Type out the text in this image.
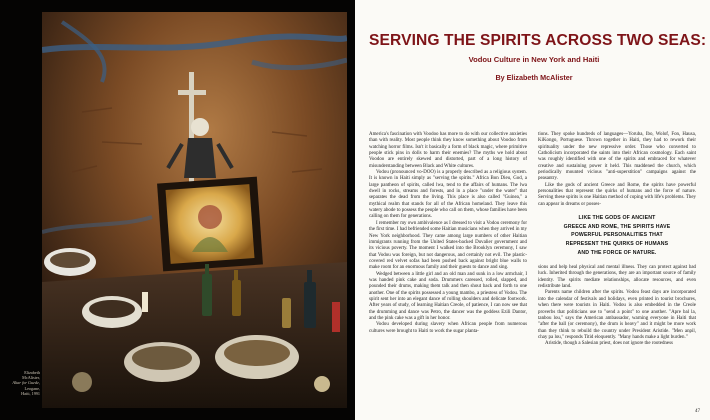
Elizabeth
McAlister,
Altar for Guede,
Leogane,
Haiti, 1991
SERVING THE SPIRITS ACROSS TWO SEAS:
Vodou Culture in New York and Haiti
By Elizabeth McAlister

America's fascination with Voodoo has more to do with our collective anxieties than with reality. Most people think they know something about Voodoo from watching horror films. Isn't it basically a form of black magic, where primitive people stick pins in dolls to harm their enemies? The myths we hold about Voodoo are entirely skewed and distorted, part of a long history of misunderstanding between Black and White cultures.

Vodou (pronounced vo-DOO) is a properly described as a religious system. It is known in Haiti simply as "serving the spirits." Africa Bon Dieu, God, a large pantheon of spirits, called lwa, tend to the affairs of humans. The lwa dwell in rocks, streams and forests, and in a place "under the water" that separates the dead from the living. This place is also called "Guinea," a mythical realm that stands for all of the African homeland. They leave this watery abode to possess the people who call on them, whose families have been calling on them for generations.

I remember my own ambivalence as I dressed to visit a Vodou ceremony for the first time. I had befriended some Haitian musicians when they arrived in my New York neighborhood. They came among large numbers of other Haitian immigrants running from the United States-backed Duvalier government and its vicious poverty. The moment I walked into the Brooklyn ceremony, I saw that Vodou was foreign, but not dangerous, and certainly not evil. The plastic-covered red velvet sofas had been pushed back against bright blue walls to make room for an enormous family and their guests to dance and sing.

Wedged between a little girl and an old man and sunk in a low armchair, I was handed pink cake and soda. Drummers caressed, rolled, slapped, and pounded their drums, making them talk and then shout back and forth to one another. One of the spirits possessed a young mambo, a priestess of Vodou. The spirit sent her into an elegant dance of rolling shoulders and delicate footwork. After years of study, of learning Haitian Creole, of patience, I can now see that the drumming and dance was Petro, the dancer was the goddess Ezili Dantor, and the pink cake was a gift in her honor.

Vodou developed during slavery when African people from numerous cultures were brought to Haiti to work the sugar planta-

tions. They spoke hundreds of languages—Yoruba, Ibo, Wolof, Fon, Hausa, KiKongo, Portuguese. Thrown together in Haiti, they had to rework their spirituality under the new repressive order. Those who converted to Catholicism incorporated the saints into their African cosmology. Each saint was roughly identified with one of the spirits and embraced for whatever creative and sustaining power it held. This maddened the church, which periodically mounted vicious "anti-superstition" campaigns against the peasantry.

Like the gods of ancient Greece and Rome, the spirits have powerful personalities that represent the quirks of humans and the force of nature. Serving these spirits is one Haitian method of coping with life's problems. They can appear in dreams or posses-

LIKE THE GODS OF ANCIENT
GREECE AND ROME, THE SPIRITS HAVE
POWERFUL PERSONALITIES THAT
REPRESENT THE QUIRKS OF HUMANS
AND THE FORCE OF NATURE.

sions and help heal physical and mental illness. They can protect against bad luck. Inherited through the generations, they are an important source of family identity. The spirits mediate relationships, allocate resources, and even redistribute land.

Parents name children after the spirits. Vodou feast days are incorporated into the calendar of festivals and holidays, even printed in tourist brochures, when there were tourists in Haiti. Vodou is also embedded in the Creole proverbs that politicians use to "send a point" to one another. "Apre bal la, tanbou lou," says the American ambassador, warning everyone in Haiti that "after the ball (or ceremony), the drum is heavy" and it might be more work than they think to rebuild the country under President Aristide. "Men anpil, chay pa lou," responds Titid eloquently. "Many hands make a light burden."

Aristide, though a Salesian priest, does not ignore the rootedness

47
